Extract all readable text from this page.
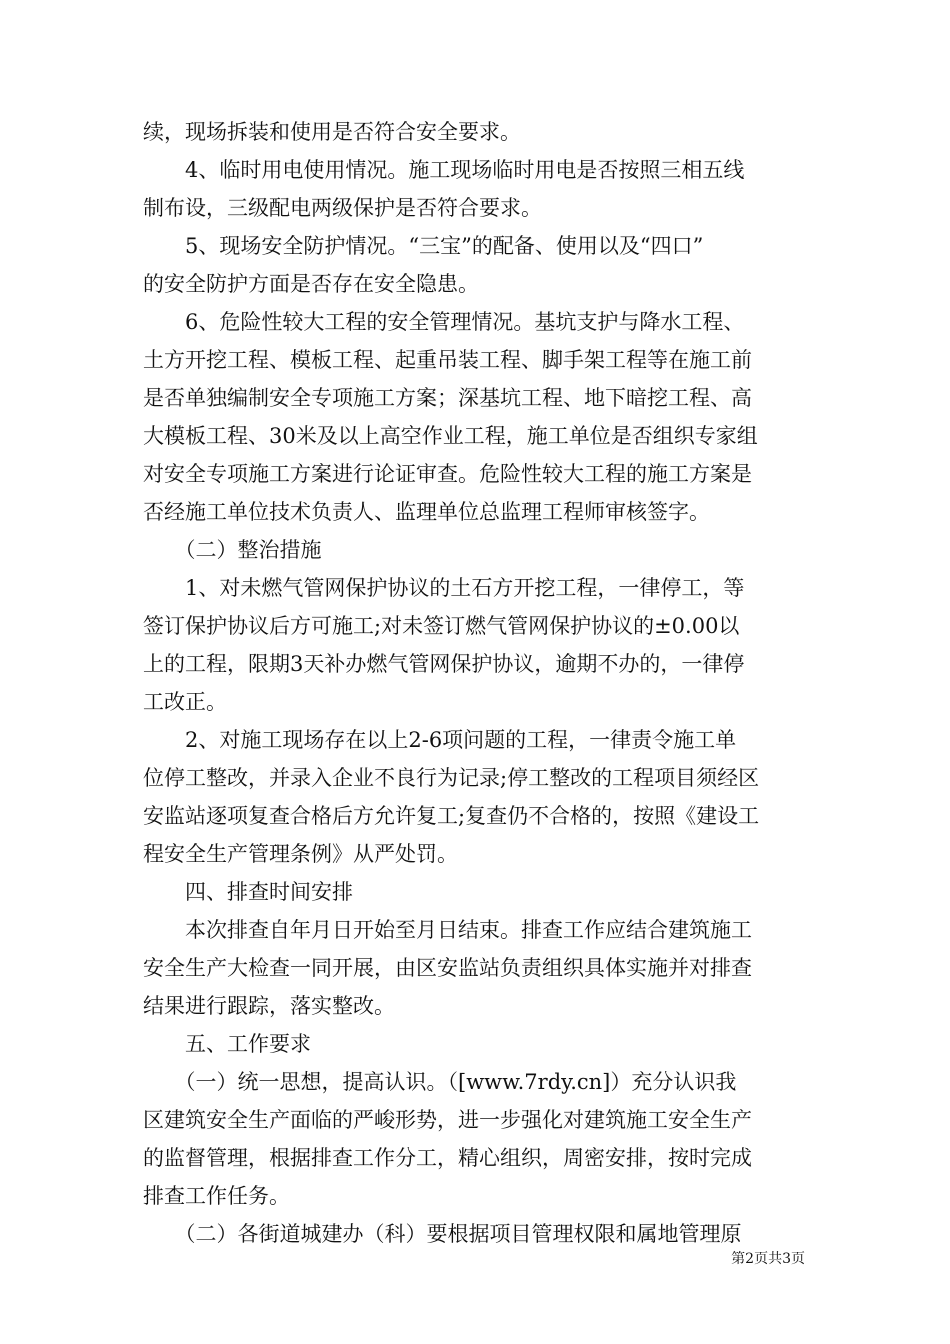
续，现场拆装和使用是否符合安全要求。
　　4、临时用电使用情况。施工现场临时用电是否按照三相五线
制布设，三级配电两级保护是否符合要求。
　　5、现场安全防护情况。“三宝”的配备、使用以及“四口”
的安全防护方面是否存在安全隐患。
　　6、危险性较大工程的安全管理情况。基坑支护与降水工程、
土方开挖工程、模板工程、起重吊装工程、脚手架工程等在施工前
是否单独编制安全专项施工方案；深基坑工程、地下暗挖工程、高
大模板工程、30米及以上高空作业工程，施工单位是否组织专家组
对安全专项施工方案进行论证审查。危险性较大工程的施工方案是
否经施工单位技术负责人、监理单位总监理工程师审核签字。
　　（二）整治措施
　　1、对未燃气管网保护协议的土石方开挖工程，一律停工，等
签订保护协议后方可施工;对未签订燃气管网保护协议的±0.00以
上的工程，限期3天补办燃气管网保护协议，逾期不办的，一律停
工改正。
　　2、对施工现场存在以上2-6项问题的工程，一律责令施工单
位停工整改，并录入企业不良行为记录;停工整改的工程项目须经区
安监站逐项复查合格后方允许复工;复查仍不合格的，按照《建设工
程安全生产管理条例》从严处罚。
　　四、排查时间安排
　　本次排查自年月日开始至月日结束。排查工作应结合建筑施工
安全生产大检查一同开展，由区安监站负责组织具体实施并对排查
结果进行跟踪，落实整改。
　　五、工作要求
　　（一）统一思想，提高认识。（[www.7rdy.cn]）充分认识我
区建筑安全生产面临的严峻形势，进一步强化对建筑施工安全生产
的监督管理，根据排查工作分工，精心组织，周密安排，按时完成
排查工作任务。
　　（二）各街道城建办（科）要根据项目管理权限和属地管理原
第2页共3页
